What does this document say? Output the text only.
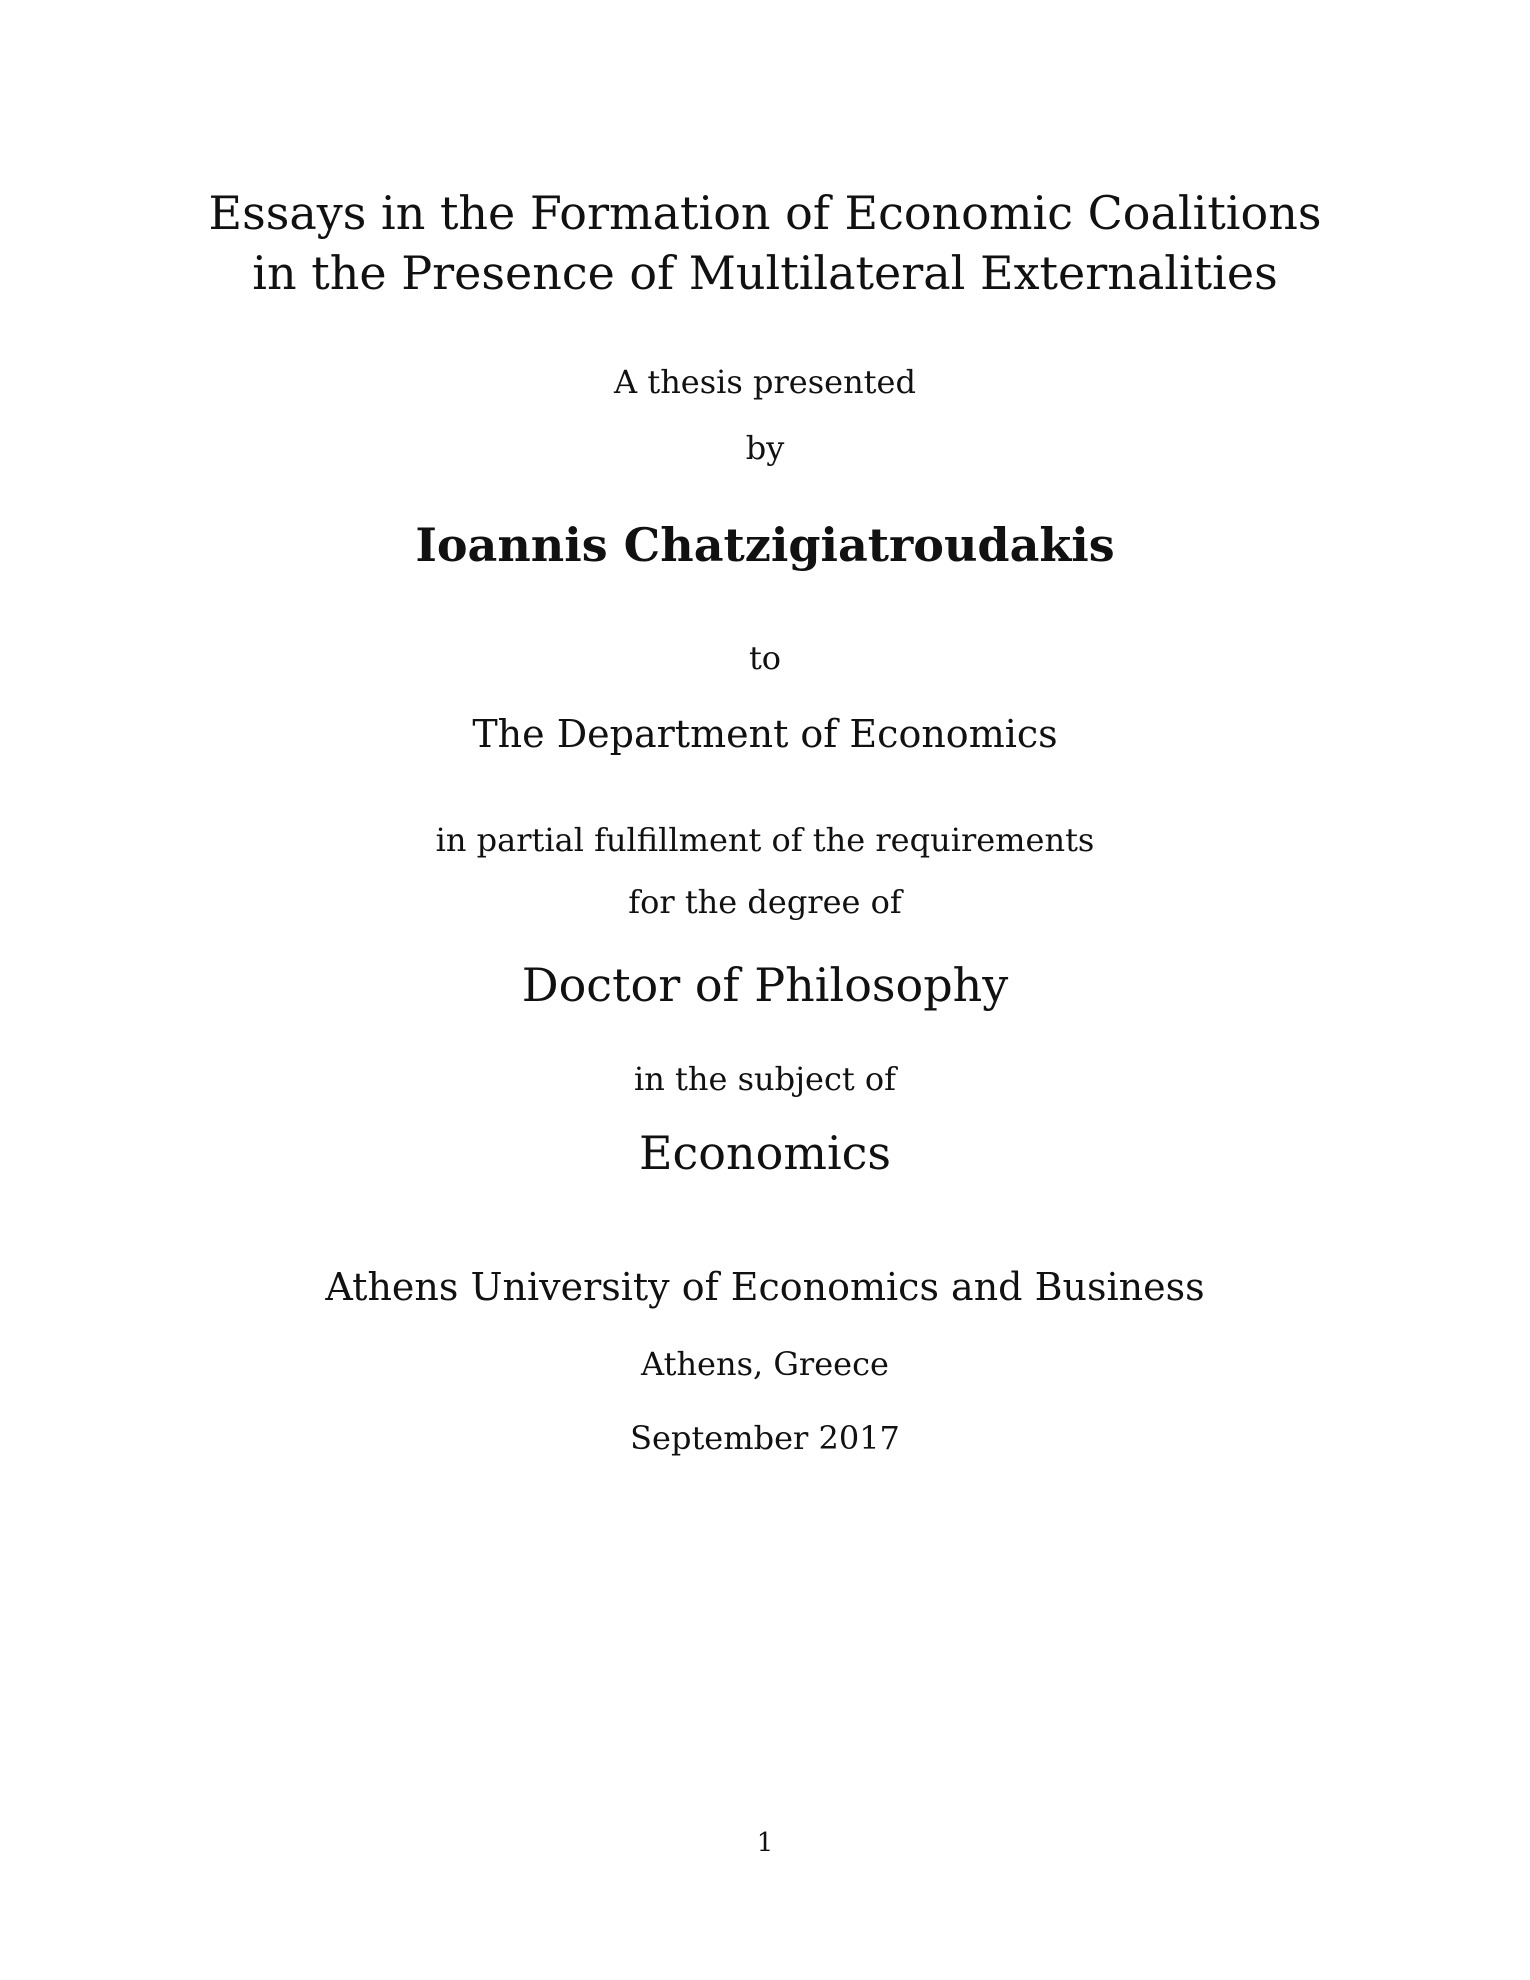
Essays in the Formation of Economic Coalitions
in the Presence of Multilateral Externalities
A thesis presented
by
Ioannis Chatzigiatroudakis
to
The Department of Economics
in partial fulfillment of the requirements
for the degree of
Doctor of Philosophy
in the subject of
Economics
Athens University of Economics and Business
Athens, Greece
September 2017
1
